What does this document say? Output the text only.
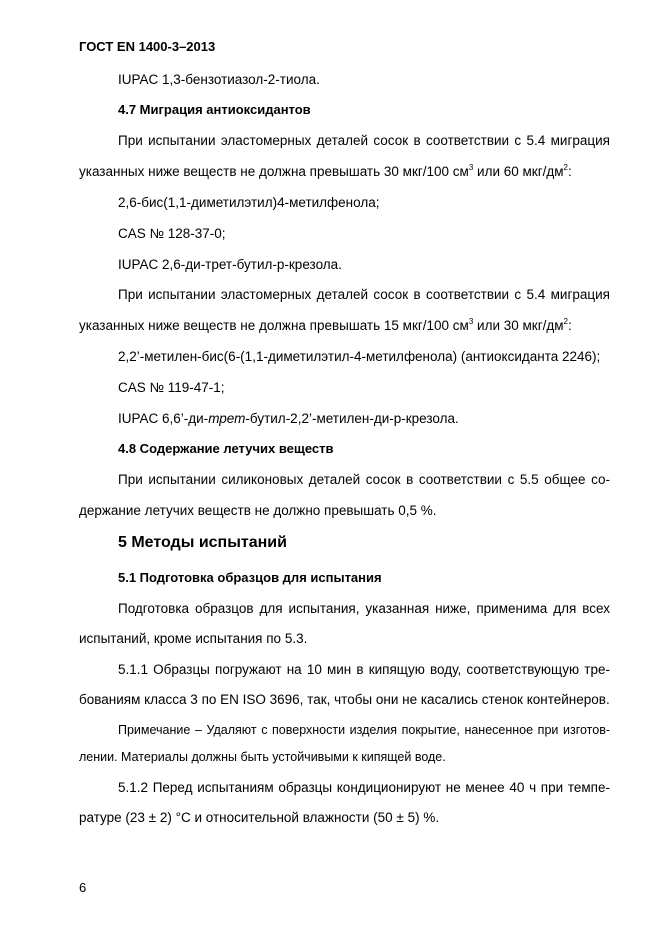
ГОСТ EN 1400-3–2013
IUPAC 1,3-бензотиазол-2-тиола.
4.7 Миграция антиоксидантов
При испытании эластомерных деталей сосок в соответствии с 5.4 миграция
указанных ниже веществ не должна превышать 30 мкг/100 $см^3$ или 60 мкг/$дм^2$:
2,6-бис(1,1-диметилэтил)4-метилфенола;
CAS № 128-37-0;
IUPAC 2,6-ди-трет-бутил-p-крезола.
При испытании эластомерных деталей сосок в соответствии с 5.4 миграция
указанных ниже веществ не должна превышать 15 мкг/100 $см^3$ или 30 мкг/$дм^2$:
2,2’-метилен-бис(6-(1,1-диметилэтил-4-метилфенола) (антиоксиданта 2246);
CAS № 119-47-1;
IUPAC 6,6’-ди-трет-бутил-2,2’-метилен-ди-p-крезола.
4.8 Содержание летучих веществ
При испытании силиконовых деталей сосок в соответствии с 5.5 общее со-
держание летучих веществ не должно превышать 0,5 %.
5 Методы испытаний
5.1 Подготовка образцов для испытания
Подготовка образцов для испытания, указанная ниже, применима для всех
испытаний, кроме испытания по 5.3.
5.1.1 Образцы погружают на 10 мин в кипящую воду, соответствующую тре-
бованиям класса 3 по EN ISO 3696, так, чтобы они не касались стенок контейнеров.
Примечание – Удаляют с поверхности изделия покрытие, нанесенное при изготов-
лении. Материалы должны быть устойчивыми к кипящей воде.
5.1.2 Перед испытаниям образцы кондиционируют не менее 40 ч при темпе-
ратуре (23 ± 2) °С и относительной влажности (50 ± 5) %.
6
